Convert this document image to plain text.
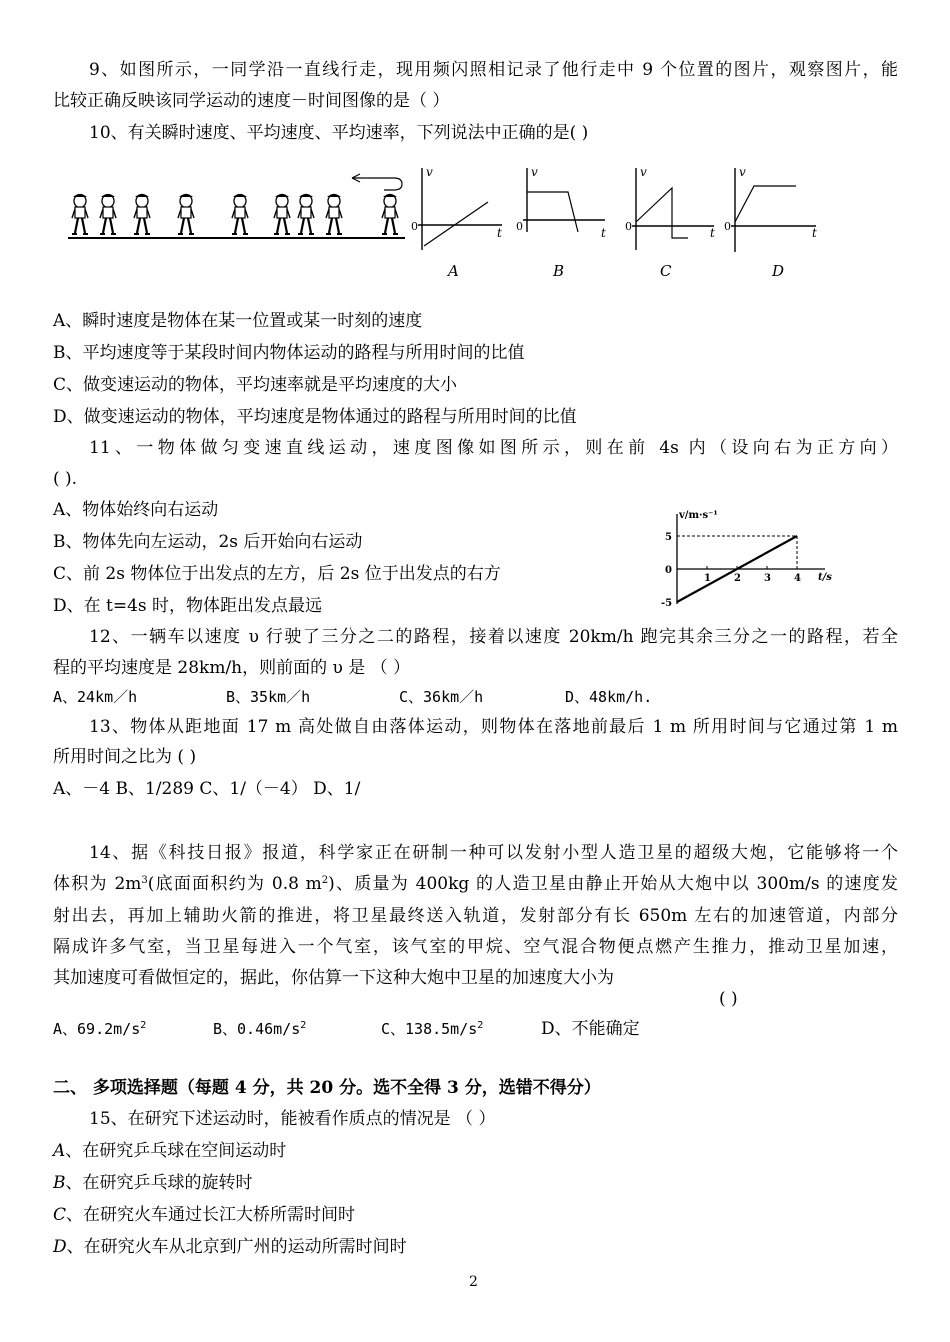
9、如图所示，一同学沿一直线行走，现用频闪照相记录了他行走中 9 个位置的图片，观察图片，能
比较正确反映该同学运动的速度－时间图像的是（ ）
10、有关瞬时速度、平均速度、平均速率，下列说法中正确的是( )
v
0	t
v
0	t
v
0	t
v
0	t
A	B	C	D
A、瞬时速度是物体在某一位置或某一时刻的速度
B、平均速度等于某段时间内物体运动的路程与所用时间的比值
C、做变速运动的物体，平均速率就是平均速度的大小
D、做变速运动的物体，平均速度是物体通过的路程与所用时间的比值
11、一物体做匀变速直线运动，速度图像如图所示，则在前 4s 内（设向右为正方向）
( ).
A、物体始终向右运动
B、物体先向左运动，2s 后开始向右运动
C、前 2s 物体位于出发点的左方，后 2s 位于出发点的右方
D、在 t=4s 时，物体距出发点最远
v/m·s⁻¹
t/s
1 2 3 4
5
0
-5
12、一辆车以速度 υ 行驶了三分之二的路程，接着以速度 20km/h 跑完其余三分之一的路程，若全
程的平均速度是 28km/h，则前面的 υ 是 （ ）
A、24km／h	B、35km／h	C、36km／h	D、48km/h.
13、物体从距地面 17 m 高处做自由落体运动，则物体在落地前最后 1 m 所用时间与它通过第 1 m
所用时间之比为 ( )
A、－4 B、1/289 C、1/（－4） D、1/
14、据《科技日报》报道，科学家正在研制一种可以发射小型人造卫星的超级大炮，它能够将一个
体积为 $2m^3$(底面面积约为 0.8 $m^2$)、质量为 400kg 的人造卫星由静止开始从大炮中以 300m/s 的速度发
射出去，再加上辅助火箭的推进，将卫星最终送入轨道，发射部分有长 650m 左右的加速管道，内部分
隔成许多气室，当卫星每进入一个气室，该气室的甲烷、空气混合物便点燃产生推力，推动卫星加速，
其加速度可看做恒定的，据此，你估算一下这种大炮中卫星的加速度大小为
( )
A、$69.2m/s^2$	B、$0.46m/s^2$	C、$138.5m/s^2$	D、不能确定
二、 多项选择题（每题 4 分，共 20 分。选不全得 3 分，选错不得分）
15、在研究下述运动时，能被看作质点的情况是 （ ）
A、在研究乒乓球在空间运动时
B、在研究乒乓球的旋转时
C、在研究火车通过长江大桥所需时间时
D、在研究火车从北京到广州的运动所需时间时
2
